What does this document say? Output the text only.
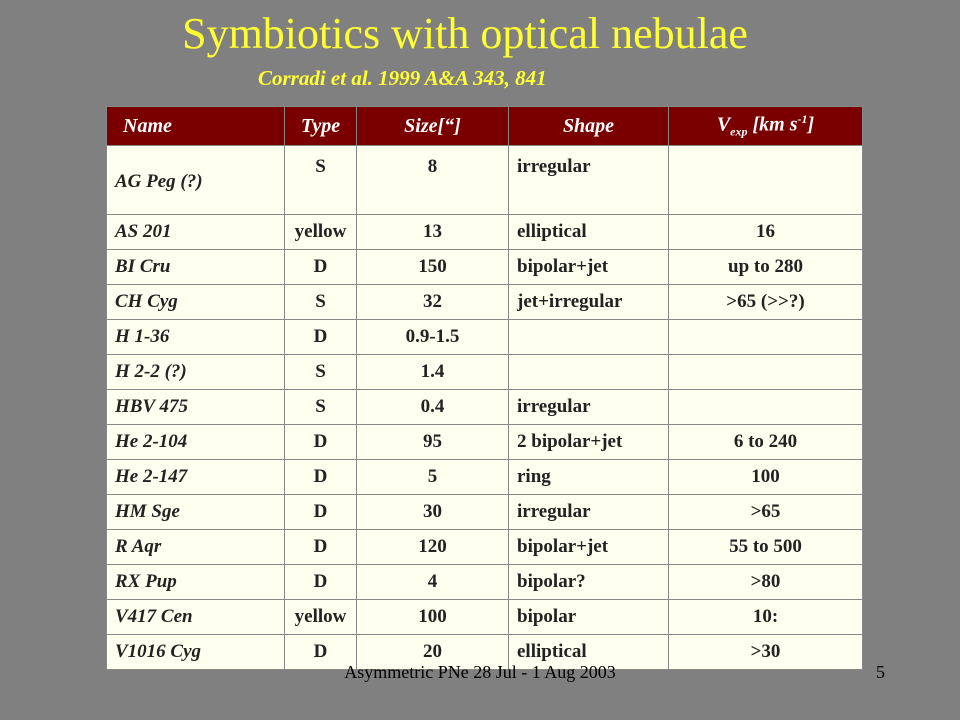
Symbiotics with optical nebulae
Corradi et al. 1999 A&A 343, 841
Name	Type	Size[“]	Shape	$V_{exp}$ [km $s^{-1}$]
AG Peg (?)	S	8	irregular	
AS 201	yellow	13	elliptical	16
BI Cru	D	150	bipolar+jet	up to 280
CH Cyg	S	32	jet+irregular	>65 (>>?)
H 1-36	D	0.9-1.5		
H 2-2 (?)	S	1.4		
HBV 475	S	0.4	irregular	
He 2-104	D	95	2 bipolar+jet	6 to 240
He 2-147	D	5	ring	100
HM Sge	D	30	irregular	>65
R Aqr	D	120	bipolar+jet	55 to 500
RX Pup	D	4	bipolar?	>80
V417 Cen	yellow	100	bipolar	10:
V1016 Cyg	D	20	elliptical	>30
Asymmetric PNe 28 Jul - 1 Aug 2003	5
